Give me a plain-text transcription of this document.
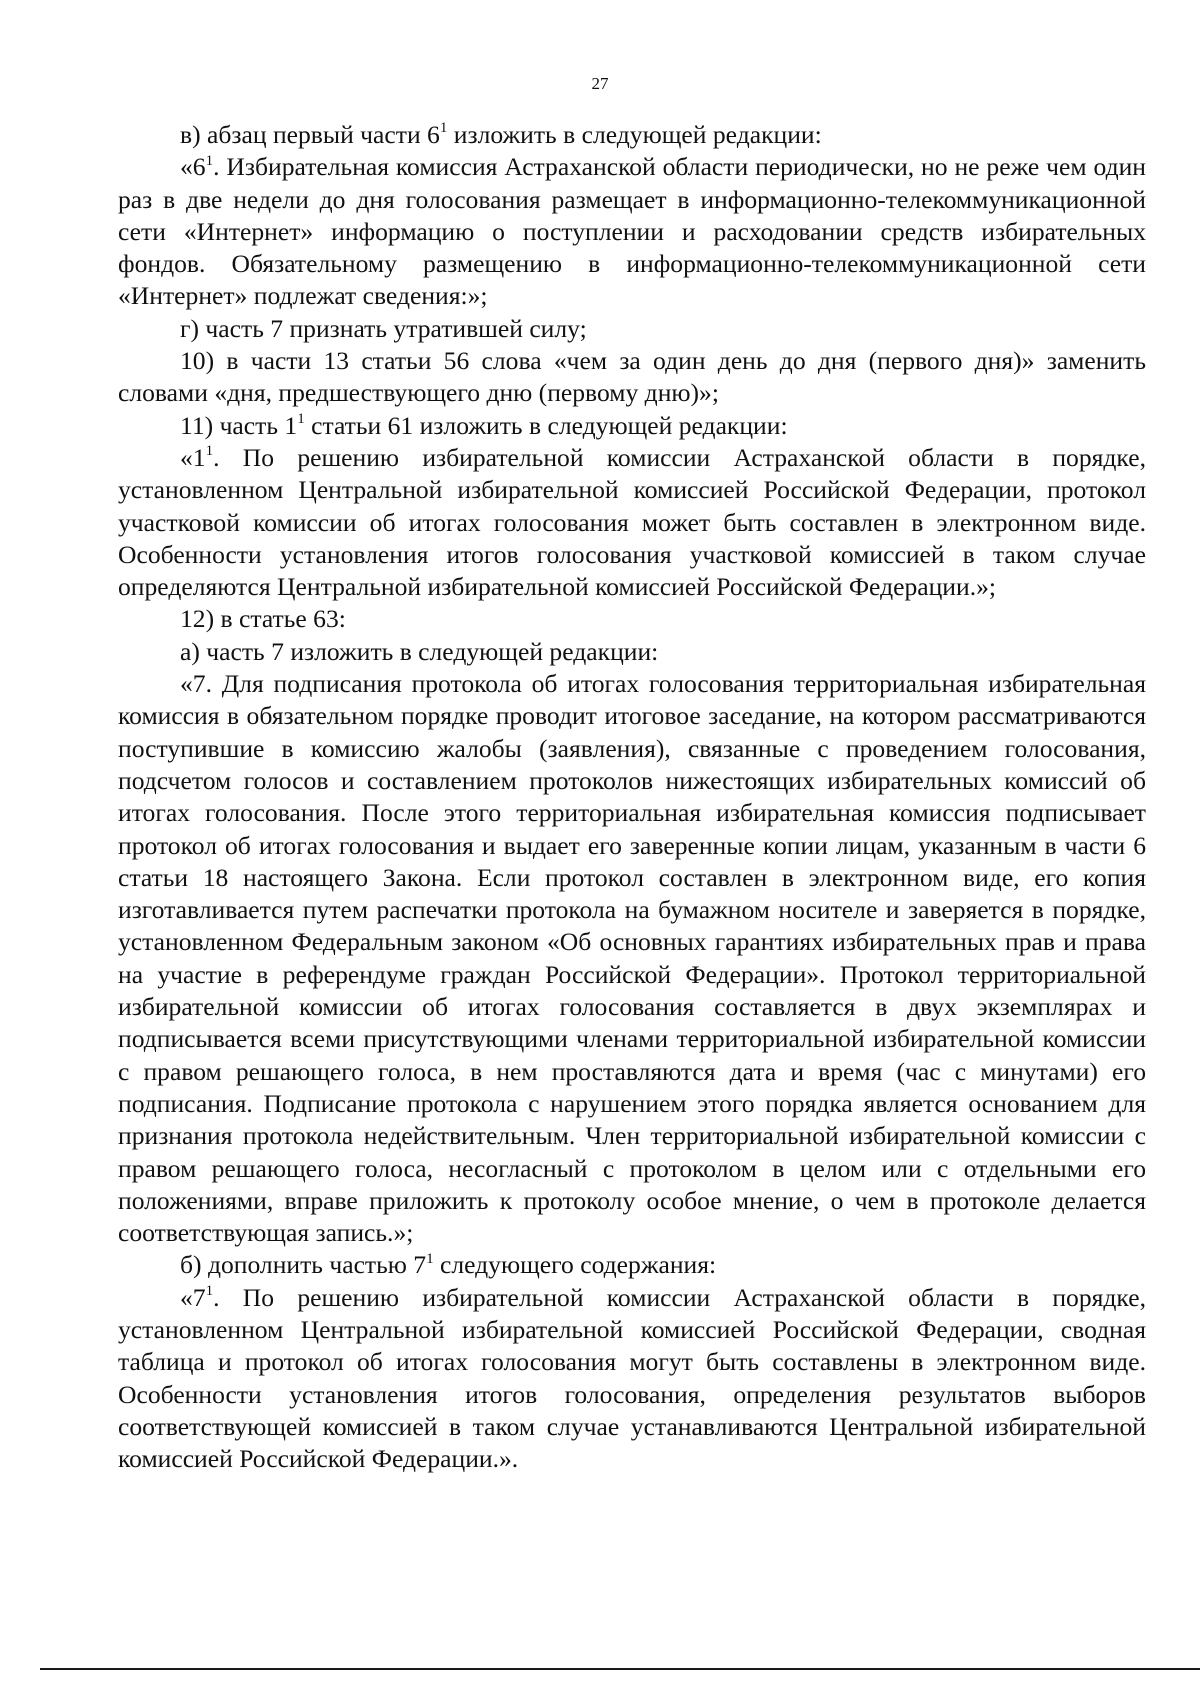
27

в) абзац первый части $6^1$ изложить в следующей редакции:

«$6^1$. Избирательная комиссия Астраханской области периодически, но не реже чем один раз в две недели до дня голосования размещает в информационно-телекоммуникационной сети «Интернет» информацию о поступлении и расходовании средств избирательных фондов. Обязательному размещению в информационно-телекоммуникационной сети «Интернет» подлежат сведения:»;

г) часть 7 признать утратившей силу;

10) в части 13 статьи 56 слова «чем за один день до дня (первого дня)» заменить словами «дня, предшествующего дню (первому дню)»;

11) часть $1^1$ статьи 61 изложить в следующей редакции:

«$1^1$. По решению избирательной комиссии Астраханской области в порядке, установленном Центральной избирательной комиссией Российской Федерации, протокол участковой комиссии об итогах голосования может быть составлен в электронном виде. Особенности установления итогов голосования участковой комиссией в таком случае определяются Центральной избирательной комиссией Российской Федерации.»;

12) в статье 63:

а) часть 7 изложить в следующей редакции:

«7. Для подписания протокола об итогах голосования территориальная избирательная комиссия в обязательном порядке проводит итоговое заседание, на котором рассматриваются поступившие в комиссию жалобы (заявления), связанные с проведением голосования, подсчетом голосов и составлением протоколов нижестоящих избирательных комиссий об итогах голосования. После этого территориальная избирательная комиссия подписывает протокол об итогах голосования и выдает его заверенные копии лицам, указанным в части 6 статьи 18 настоящего Закона. Если протокол составлен в электронном виде, его копия изготавливается путем распечатки протокола на бумажном носителе и заверяется в порядке, установленном Федеральным законом «Об основных гарантиях избирательных прав и права на участие в референдуме граждан Российской Федерации». Протокол территориальной избирательной комиссии об итогах голосования составляется в двух экземплярах и подписывается всеми присутствующими членами территориальной избирательной комиссии с правом решающего голоса, в нем проставляются дата и время (час с минутами) его подписания. Подписание протокола с нарушением этого порядка является основанием для признания протокола недействительным. Член территориальной избирательной комиссии с правом решающего голоса, несогласный с протоколом в целом или с отдельными его положениями, вправе приложить к протоколу особое мнение, о чем в протоколе делается соответствующая запись.»;

б) дополнить частью $7^1$ следующего содержания:

«$7^1$. По решению избирательной комиссии Астраханской области в порядке, установленном Центральной избирательной комиссией Российской Федерации, сводная таблица и протокол об итогах голосования могут быть составлены в электронном виде. Особенности установления итогов голосования, определения результатов выборов соответствующей комиссией в таком случае устанавливаются Центральной избирательной комиссией Российской Федерации.».
